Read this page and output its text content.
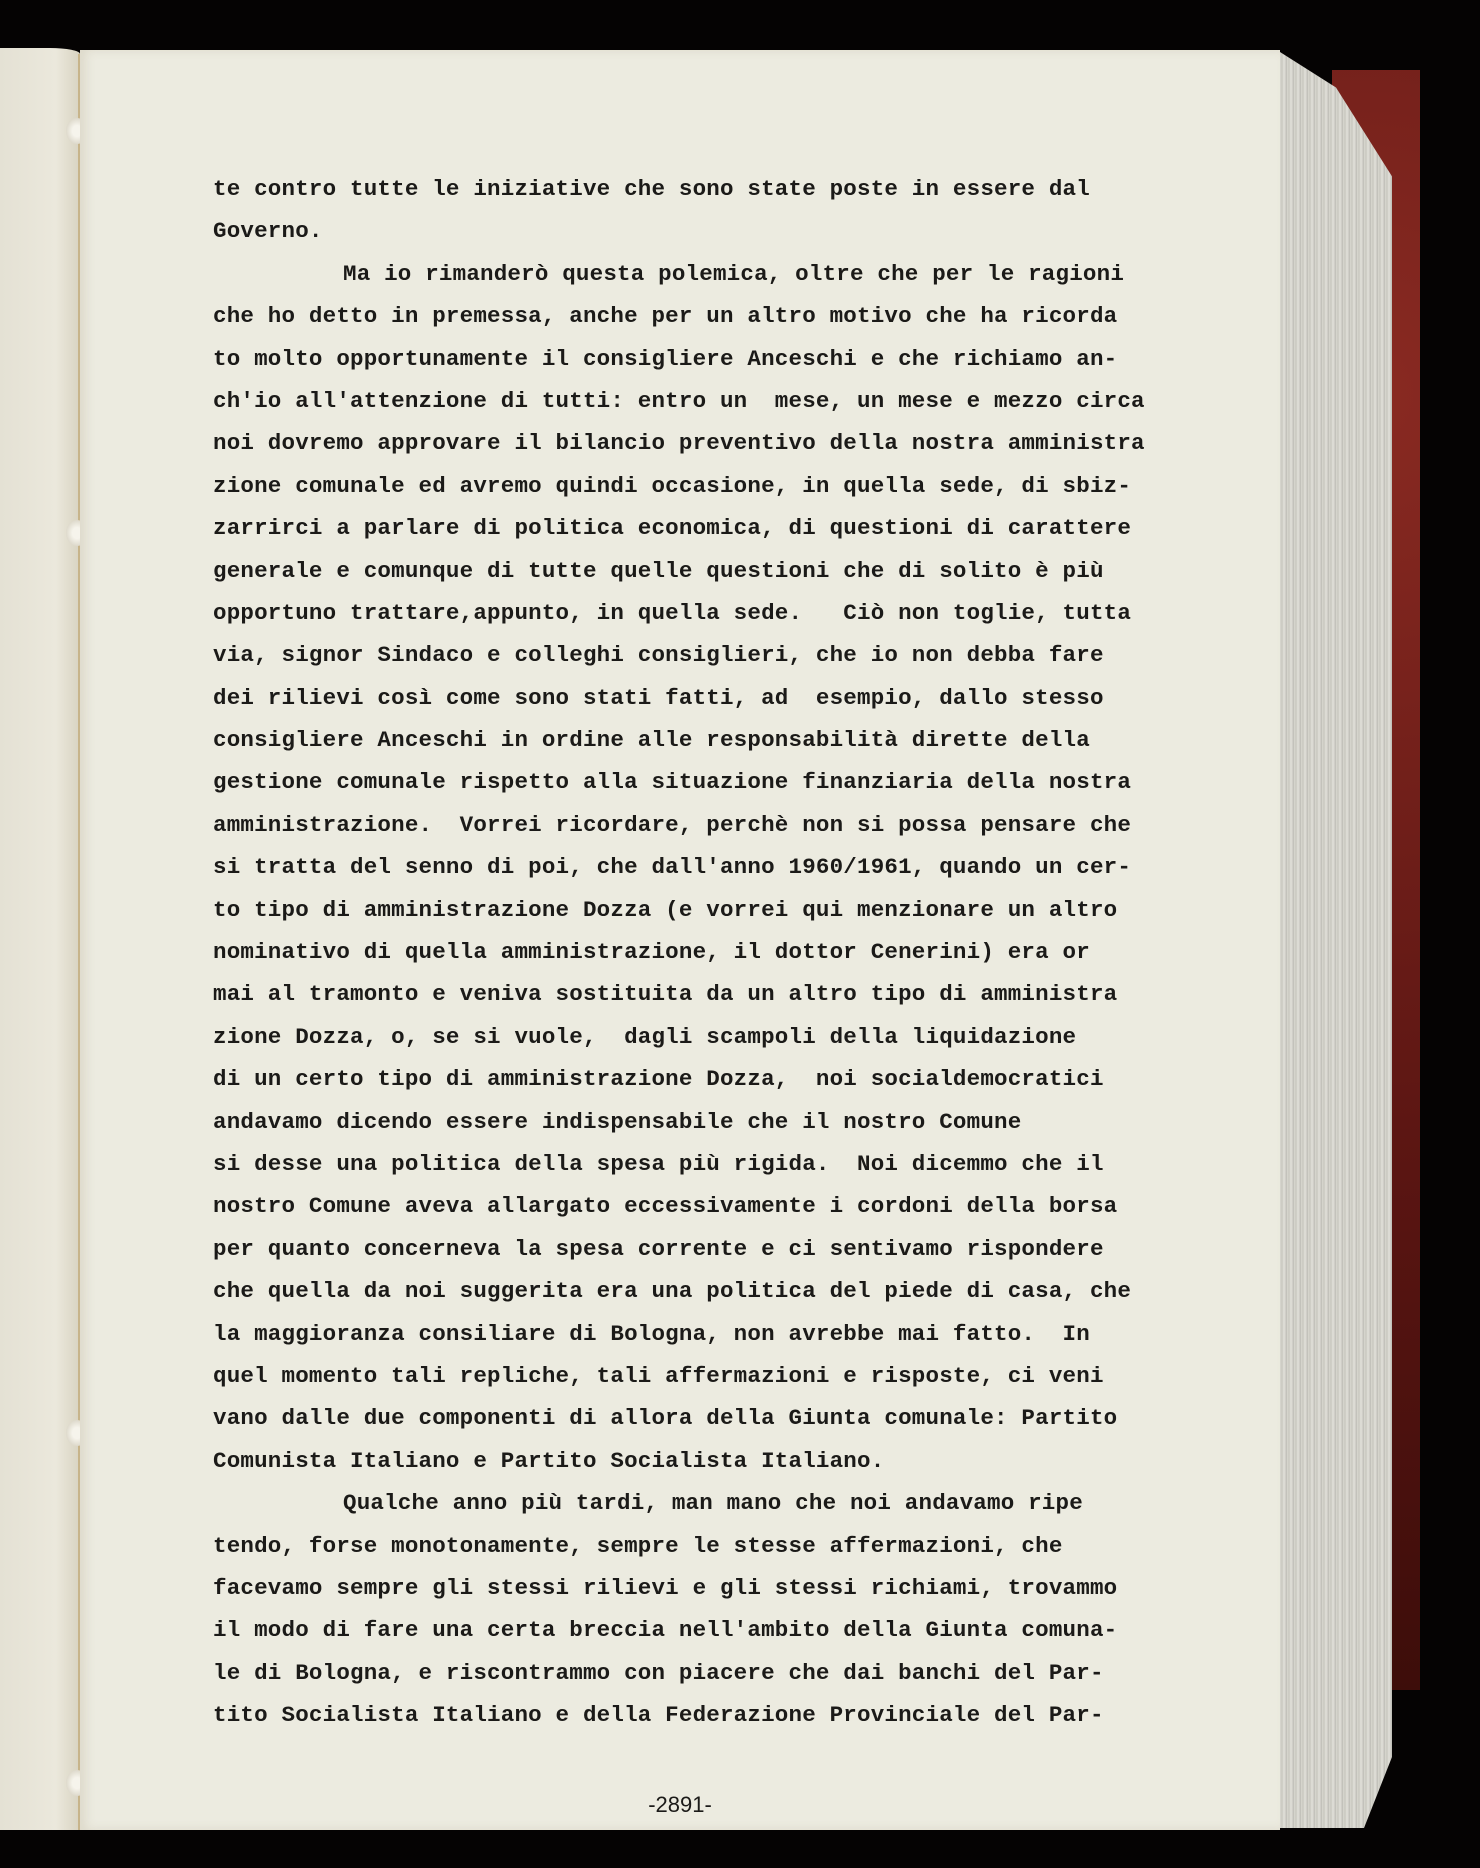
-2891-
te contro tutte le iniziative che sono state poste in essere dal
Governo.
Ma io rimanderò questa polemica, oltre che per le ragioni
che ho detto in premessa, anche per un altro motivo che ha ricorda
to molto opportunamente il consigliere Anceschi e che richiamo an-
ch'io all'attenzione di tutti: entro un  mese, un mese e mezzo circa
noi dovremo approvare il bilancio preventivo della nostra amministra
zione comunale ed avremo quindi occasione, in quella sede, di sbiz-
zarrirci a parlare di politica economica, di questioni di carattere
generale e comunque di tutte quelle questioni che di solito è più
opportuno trattare,appunto, in quella sede.   Ciò non toglie, tutta
via, signor Sindaco e colleghi consiglieri, che io non debba fare
dei rilievi così come sono stati fatti, ad  esempio, dallo stesso
consigliere Anceschi in ordine alle responsabilità dirette della
gestione comunale rispetto alla situazione finanziaria della nostra
amministrazione.  Vorrei ricordare, perchè non si possa pensare che
si tratta del senno di poi, che dall'anno 1960/1961, quando un cer-
to tipo di amministrazione Dozza (e vorrei qui menzionare un altro
nominativo di quella amministrazione, il dottor Cenerini) era or
mai al tramonto e veniva sostituita da un altro tipo di amministra
zione Dozza, o, se si vuole,  dagli scampoli della liquidazione
di un certo tipo di amministrazione Dozza,  noi socialdemocratici
andavamo dicendo essere indispensabile che il nostro Comune
si desse una politica della spesa più rigida.  Noi dicemmo che il
nostro Comune aveva allargato eccessivamente i cordoni della borsa
per quanto concerneva la spesa corrente e ci sentivamo rispondere
che quella da noi suggerita era una politica del piede di casa, che
la maggioranza consiliare di Bologna, non avrebbe mai fatto.  In
quel momento tali repliche, tali affermazioni e risposte, ci veni
vano dalle due componenti di allora della Giunta comunale: Partito
Comunista Italiano e Partito Socialista Italiano.
Qualche anno più tardi, man mano che noi andavamo ripe
tendo, forse monotonamente, sempre le stesse affermazioni, che
facevamo sempre gli stessi rilievi e gli stessi richiami, trovammo
il modo di fare una certa breccia nell'ambito della Giunta comuna-
le di Bologna, e riscontrammo con piacere che dai banchi del Par-
tito Socialista Italiano e della Federazione Provinciale del Par-
